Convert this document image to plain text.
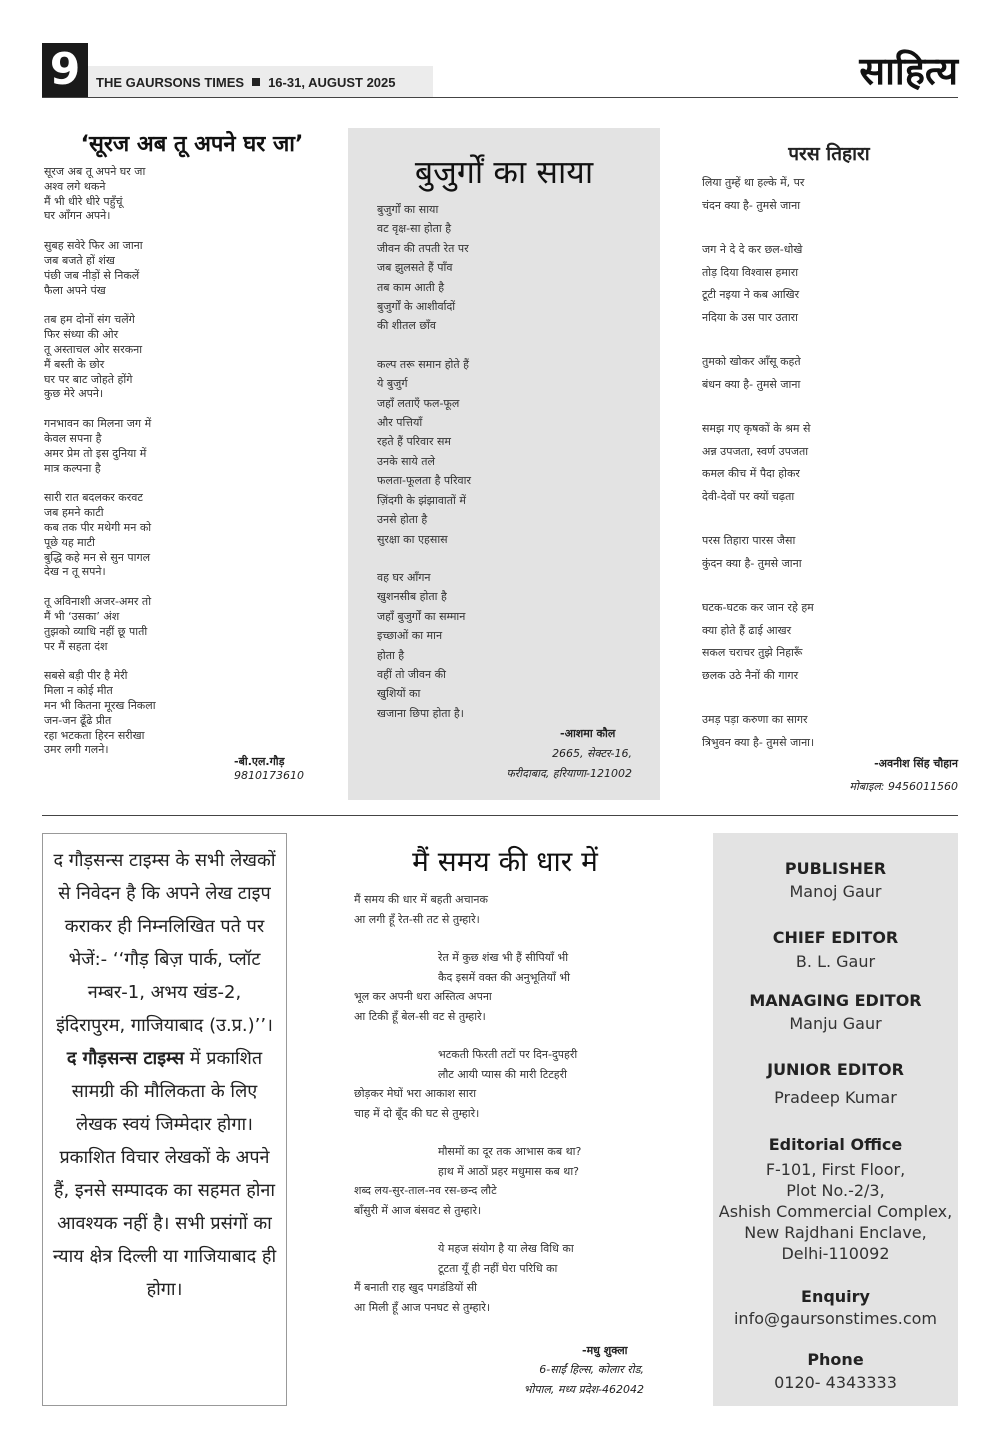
9	THE GAURSONS TIMES 16-31, AUGUST 2025	साहित्य
‘सूरज अब तू अपने घर जा’
सूरज अब तू अपने घर जा
अश्व लगे थकने
मैं भी धीरे धीरे पहुँचूं
घर आँगन अपने।
सुबह सवेरे फिर आ जाना
जब बजते हों शंख
पंछी जब नीड़ों से निकलें
फैला अपने पंख
तब हम दोनों संग चलेंगे
फिर संध्या की ओर
तू अस्ताचल ओर सरकना
मैं बस्ती के छोर
घर पर बाट जोहते होंगे
कुछ मेरे अपने।
गनभावन का मिलना जग में
केवल सपना है
अमर प्रेम तो इस दुनिया में
मात्र कल्पना है
सारी रात बदलकर करवट
जब हमने काटी
कब तक पीर मथेगी मन को
पूछे यह माटी
बुद्धि कहे मन से सुन पागल
देख न तू सपने।
तू अविनाशी अजर-अमर तो
मैं भी ‘उसका’ अंश
तुझको व्याधि नहीं छू पाती
पर मैं सहता दंश
सबसे बड़ी पीर है मेरी
मिला न कोई मीत
मन भी कितना मूरख निकला
जन-जन ढूँढे प्रीत
रहा भटकता हिरन सरीखा
उमर लगी गलने।
-बी.एल.गौड़
9810173610
बुजुर्गों का साया
बुजुर्गों का साया
वट वृक्ष-सा होता है
जीवन की तपती रेत पर
जब झुलसते हैं पाँव
तब काम आती है
बुजुर्गों के आशीर्वादों
की शीतल छाँव
कल्प तरू समान होते हैं
ये बुजुर्ग
जहाँ लताएँ फल-फूल
और पत्तियाँ
रहते हैं परिवार सम
उनके साये तले
फलता-फूलता है परिवार
ज़िंदगी के झंझावातों में
उनसे होता है
सुरक्षा का एहसास
वह घर आँगन
खुशनसीब होता है
जहाँ बुजुर्गों का सम्मान
इच्छाओं का मान
होता है
वहीं तो जीवन की
खुशियों का
खजाना छिपा होता है।
-आशमा कौल
2665, सेक्टर-16,
फरीदाबाद, हरियाणा-121002
परस तिहारा
लिया तुम्हें था हल्के में, पर
चंदन क्या है- तुमसे जाना
जग ने दे दे कर छल-धोखे
तोड़ दिया विश्वास हमारा
टूटी नइया ने कब आखिर
नदिया के उस पार उतारा
तुमको खोकर आँसू कहते
बंधन क्या है- तुमसे जाना
समझ गए कृषकों के श्रम से
अन्न उपजता, स्वर्ण उपजता
कमल कीच में पैदा होकर
देवी-देवों पर क्यों चढ़ता
परस तिहारा पारस जैसा
कुंदन क्या है- तुमसे जाना
घटक-घटक कर जान रहे हम
क्या होते हैं ढाई आखर
सकल चराचर तुझे निहारूँ
छलक उठे नैनों की गागर
उमड़ पड़ा करुणा का सागर
त्रिभुवन क्या है- तुमसे जाना।
-अवनीश सिंह चौहान
मोबाइल: 9456011560
द गौड़सन्स टाइम्स के सभी लेखकों से निवेदन है कि अपने लेख टाइप कराकर ही निम्नलिखित पते पर भेजें:- ‘‘गौड़ बिज़ पार्क, प्लॉट नम्बर-1, अभय खंड-2, इंदिरापुरम, गाजियाबाद (उ.प्र.)’’। द गौड़सन्स टाइम्स में प्रकाशित सामग्री की मौलिकता के लिए लेखक स्वयं जिम्मेदार होगा। प्रकाशित विचार लेखकों के अपने हैं, इनसे सम्पादक का सहमत होना आवश्यक नहीं है। सभी प्रसंगों का न्याय क्षेत्र दिल्ली या गाजियाबाद ही होगा।
मैं समय की धार में
मैं समय की धार में बहती अचानक
आ लगी हूँ रेत-सी तट से तुम्हारे।
रेत में कुछ शंख भी हैं सीपियाँ भी
कैद इसमें वक्त की अनुभूतियाँ भी
भूल कर अपनी धरा अस्तित्व अपना
आ टिकी हूँ बेल-सी वट से तुम्हारे।
भटकती फिरती तटों पर दिन-दुपहरी
लौट आयी प्यास की मारी टिटहरी
छोड़कर मेघों भरा आकाश सारा
चाह में दो बूँद की घट से तुम्हारे।
मौसमों का दूर तक आभास कब था?
हाथ में आठों प्रहर मधुमास कब था?
शब्द लय-सुर-ताल-नव रस-छन्द लौटे
बाँसुरी में आज बंसवट से तुम्हारे।
ये महज संयोग है या लेख विधि का
टूटता यूँ ही नहीं घेरा परिधि का
मैं बनाती राह खुद पगडंडियों सी
आ मिली हूँ आज पनघट से तुम्हारे।
-मधु शुक्ला
6-साईं हिल्स, कोलार रोड,
भोपाल, मध्य प्रदेश-462042
PUBLISHER
Manoj Gaur
CHIEF EDITOR
B. L. Gaur
MANAGING EDITOR
Manju Gaur
JUNIOR EDITOR
Pradeep Kumar
Editorial Office
F-101, First Floor,
Plot No.-2/3,
Ashish Commercial Complex,
New Rajdhani Enclave,
Delhi-110092
Enquiry
info@gaursonstimes.com
Phone
0120- 4343333
